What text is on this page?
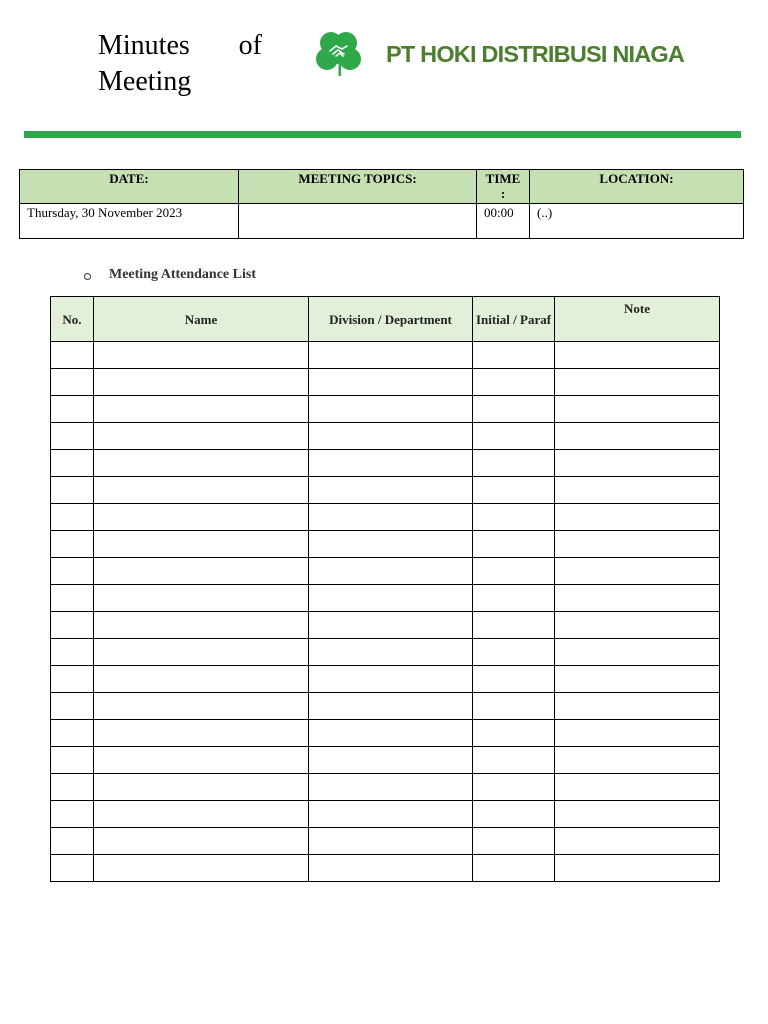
Minutes of
Meeting
PT HOKI DISTRIBUSI NIAGA
DATE:	MEETING TOPICS:	TIME :	LOCATION:
Thursday, 30 November 2023		00:00	(..)
Meeting Attendance List
No.	Name	Division / Department	Initial / Paraf	Note
